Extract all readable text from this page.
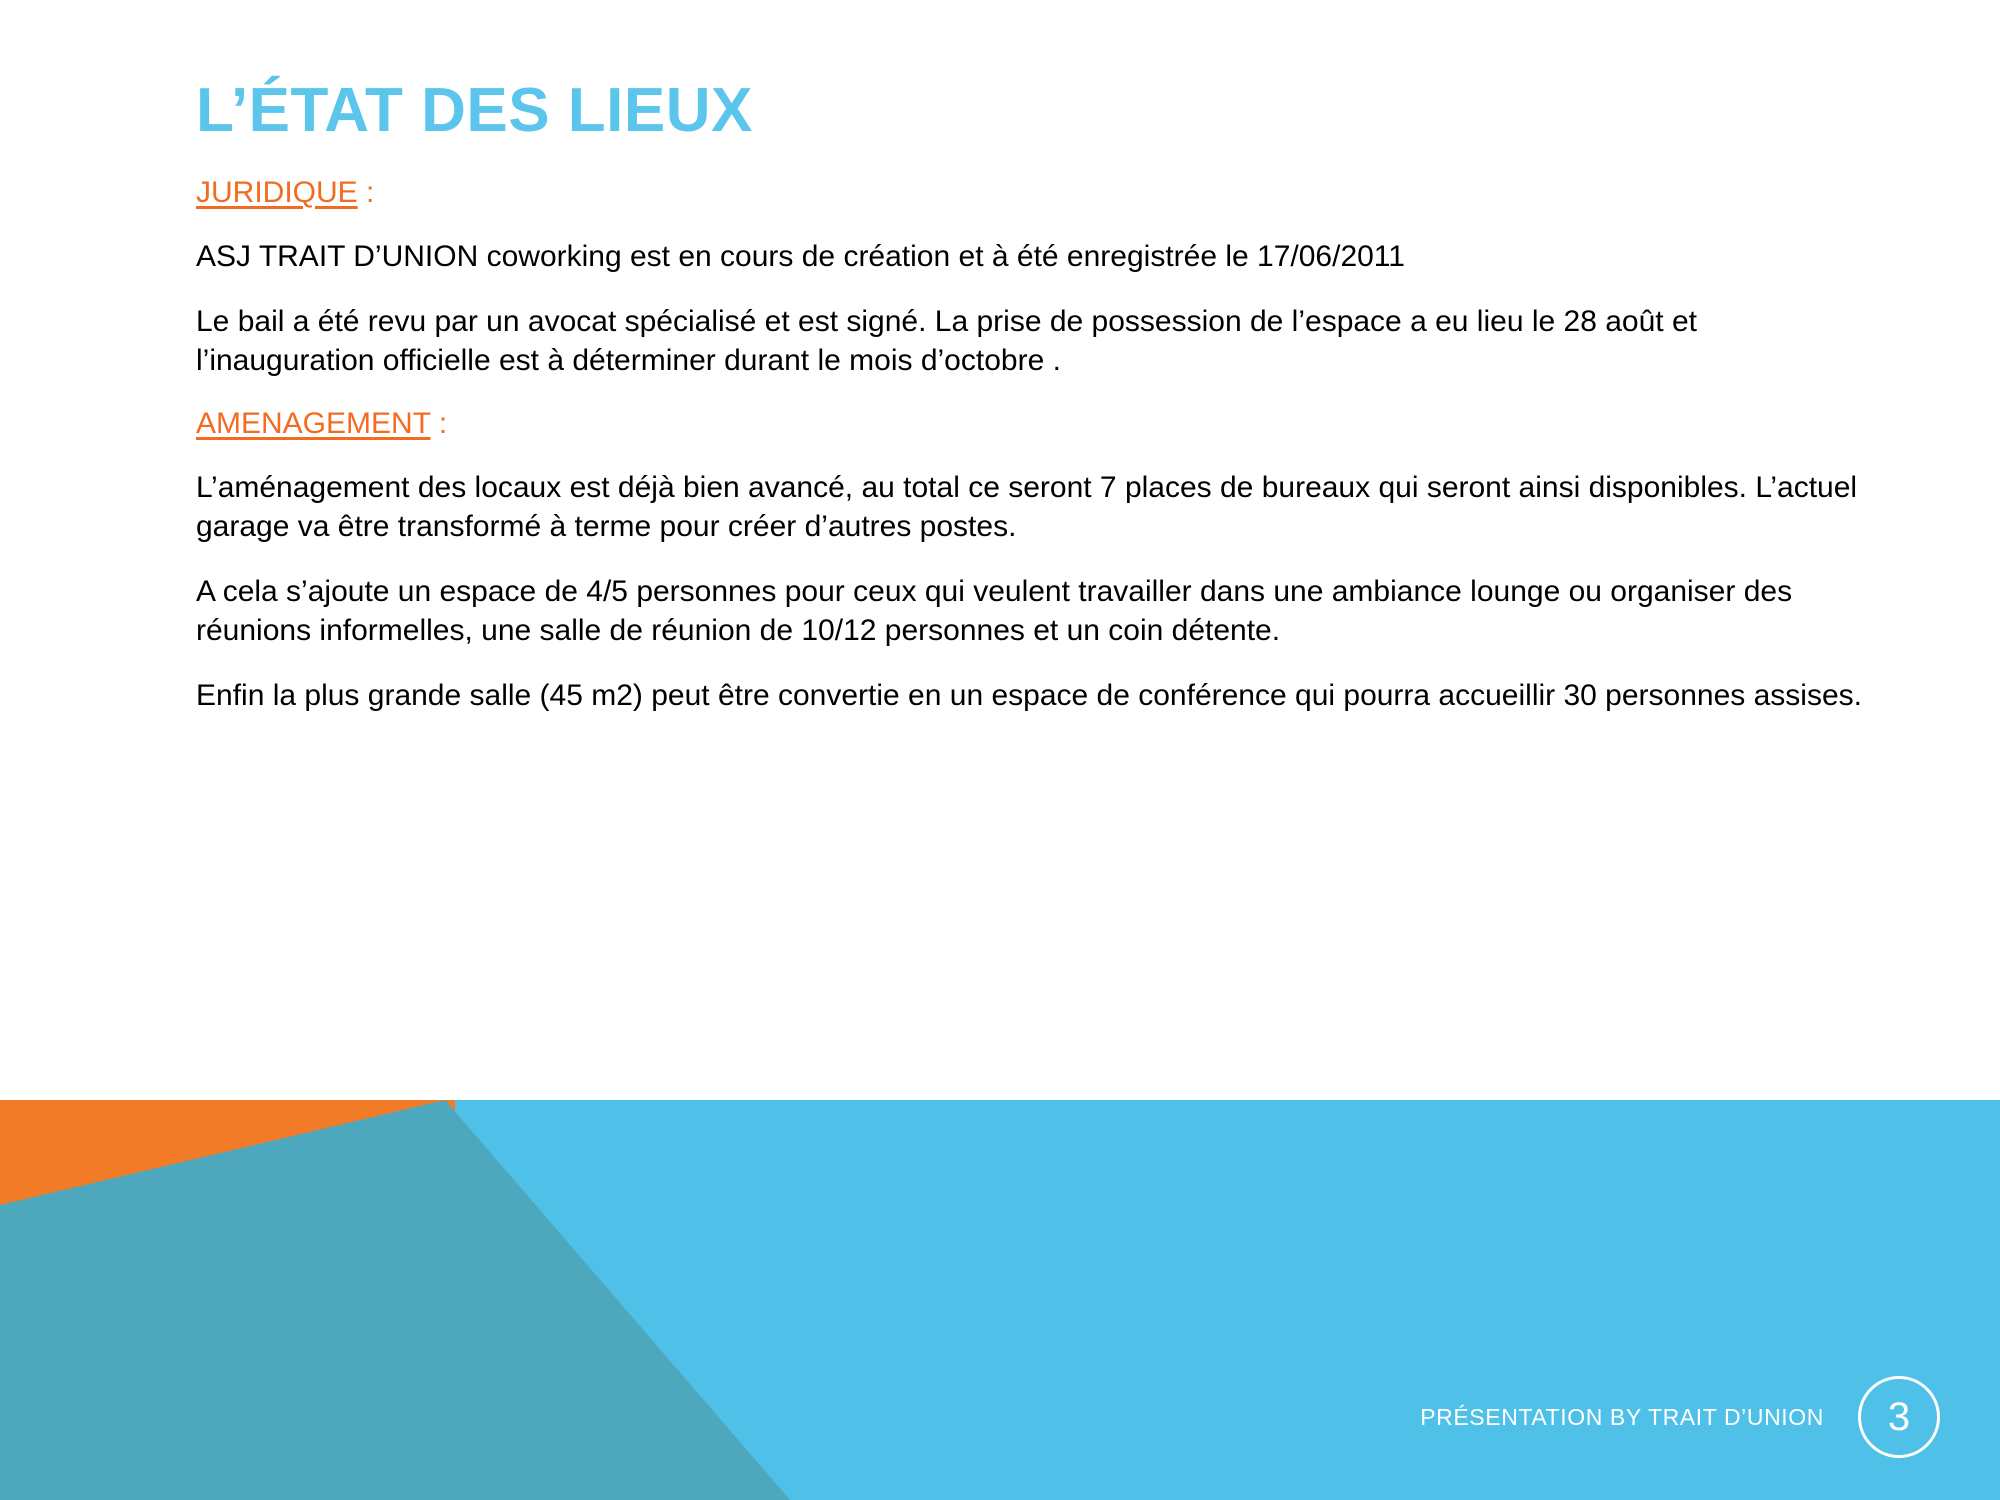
L’ÉTAT DES LIEUX

JURIDIQUE :

ASJ TRAIT D’UNION coworking est en cours de création et à été enregistrée le 17/06/2011

Le bail a été revu par un avocat spécialisé et est signé. La prise de possession de l’espace a eu lieu le 28 août et l’inauguration officielle est à déterminer durant le mois d’octobre .

AMENAGEMENT :

L’aménagement des locaux est déjà bien avancé, au total ce seront 7 places de bureaux qui seront ainsi disponibles. L’actuel garage va être transformé à terme pour créer d’autres postes.

A cela s’ajoute un espace de 4/5 personnes pour ceux qui veulent travailler dans une ambiance lounge ou organiser des réunions informelles, une salle de réunion de 10/12 personnes et un coin détente.

Enfin la plus grande salle (45 m2) peut être convertie en un espace de conférence qui pourra accueillir 30 personnes assises.

PRÉSENTATION BY TRAIT D’UNION 3
